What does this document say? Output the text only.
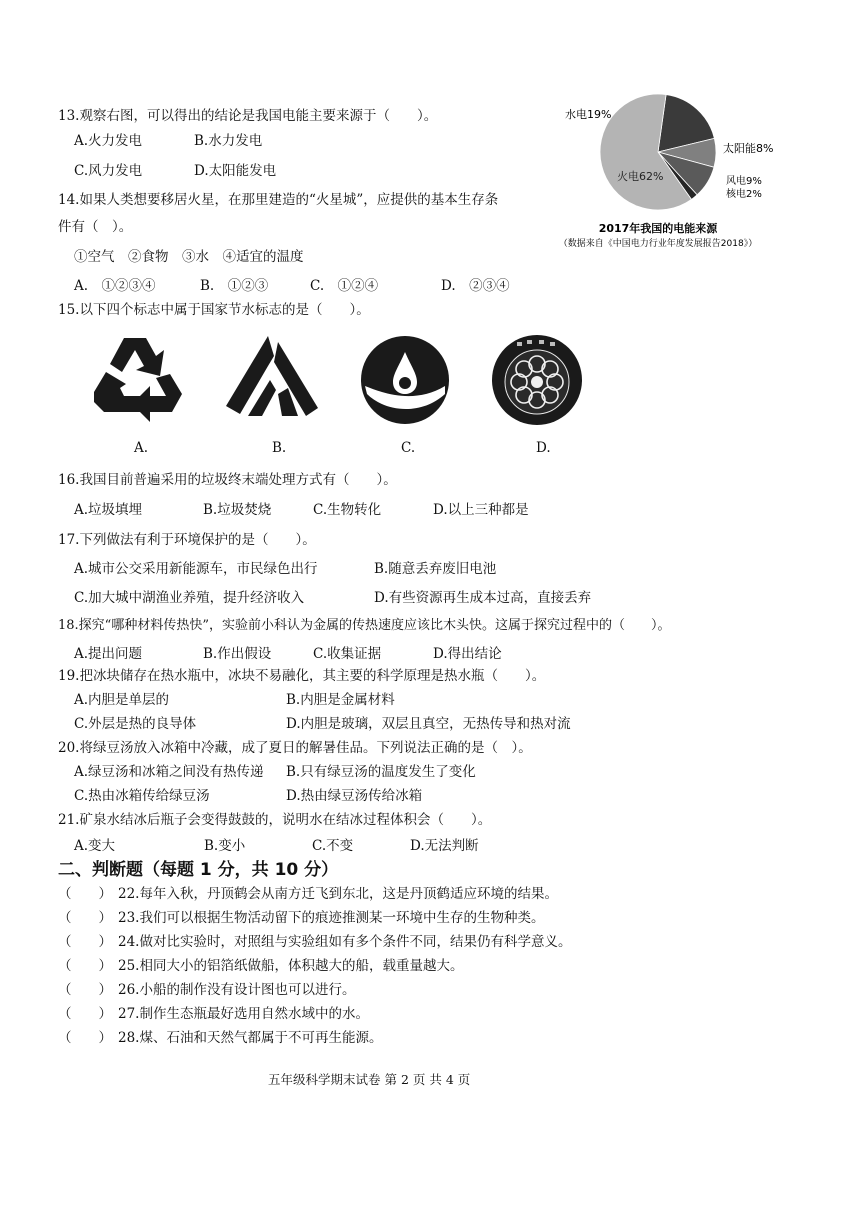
13.观察右图，可以得出的结论是我国电能主要来源于（　　）。
A.火力发电	B.水力发电
C.风力发电	D.太阳能发电
水电19%
太阳能8%
风电9%
核电2%
火电62%
2017年我国的电能来源
（数据来自《中国电力行业年度发展报告2018》）
14.如果人类想要移居火星，在那里建造的“火星城”，应提供的基本生存条
件有（　）。
①空气　②食物　③水　④适宜的温度
A.　①②③④	B.　①②③	C.　①②④	D.　②③④
15.以下四个标志中属于国家节水标志的是（　　）。
A.	B.	C.	D.
16.我国目前普遍采用的垃圾终末端处理方式有（　　）。
A.垃圾填埋	B.垃圾焚烧	C.生物转化	D.以上三种都是
17.下列做法有利于环境保护的是（　　）。
A.城市公交采用新能源车，市民绿色出行	B.随意丢弃废旧电池
C.加大城中湖渔业养殖，提升经济收入	D.有些资源再生成本过高，直接丢弃
18.探究“哪种材料传热快”，实验前小科认为金属的传热速度应该比木头快。这属于探究过程中的（　　）。
A.提出问题	B.作出假设	C.收集证据	D.得出结论
19.把冰块储存在热水瓶中，冰块不易融化，其主要的科学原理是热水瓶（　　）。
A.内胆是单层的	B.内胆是金属材料
C.外层是热的良导体	D.内胆是玻璃，双层且真空，无热传导和热对流
20.将绿豆汤放入冰箱中冷藏，成了夏日的解暑佳品。下列说法正确的是（　）。
A.绿豆汤和冰箱之间没有热传递 B.只有绿豆汤的温度发生了变化
C.热由冰箱传给绿豆汤	D.热由绿豆汤传给冰箱
21.矿泉水结冰后瓶子会变得鼓鼓的，说明水在结冰过程体积会（　　）。
A.变大	B.变小	C.不变	D.无法判断
二、判断题（每题 1 分，共 10 分）
（　　） 22.每年入秋，丹顶鹤会从南方迁飞到东北，这是丹顶鹤适应环境的结果。
（　　） 23.我们可以根据生物活动留下的痕迹推测某一环境中生存的生物种类。
（　　） 24.做对比实验时，对照组与实验组如有多个条件不同，结果仍有科学意义。
（　　） 25.相同大小的铝箔纸做船，体积越大的船，载重量越大。
（　　） 26.小船的制作没有设计图也可以进行。
（　　） 27.制作生态瓶最好选用自然水域中的水。
（　　） 28.煤、石油和天然气都属于不可再生能源。
五年级科学期末试卷 第 2 页 共 4 页
